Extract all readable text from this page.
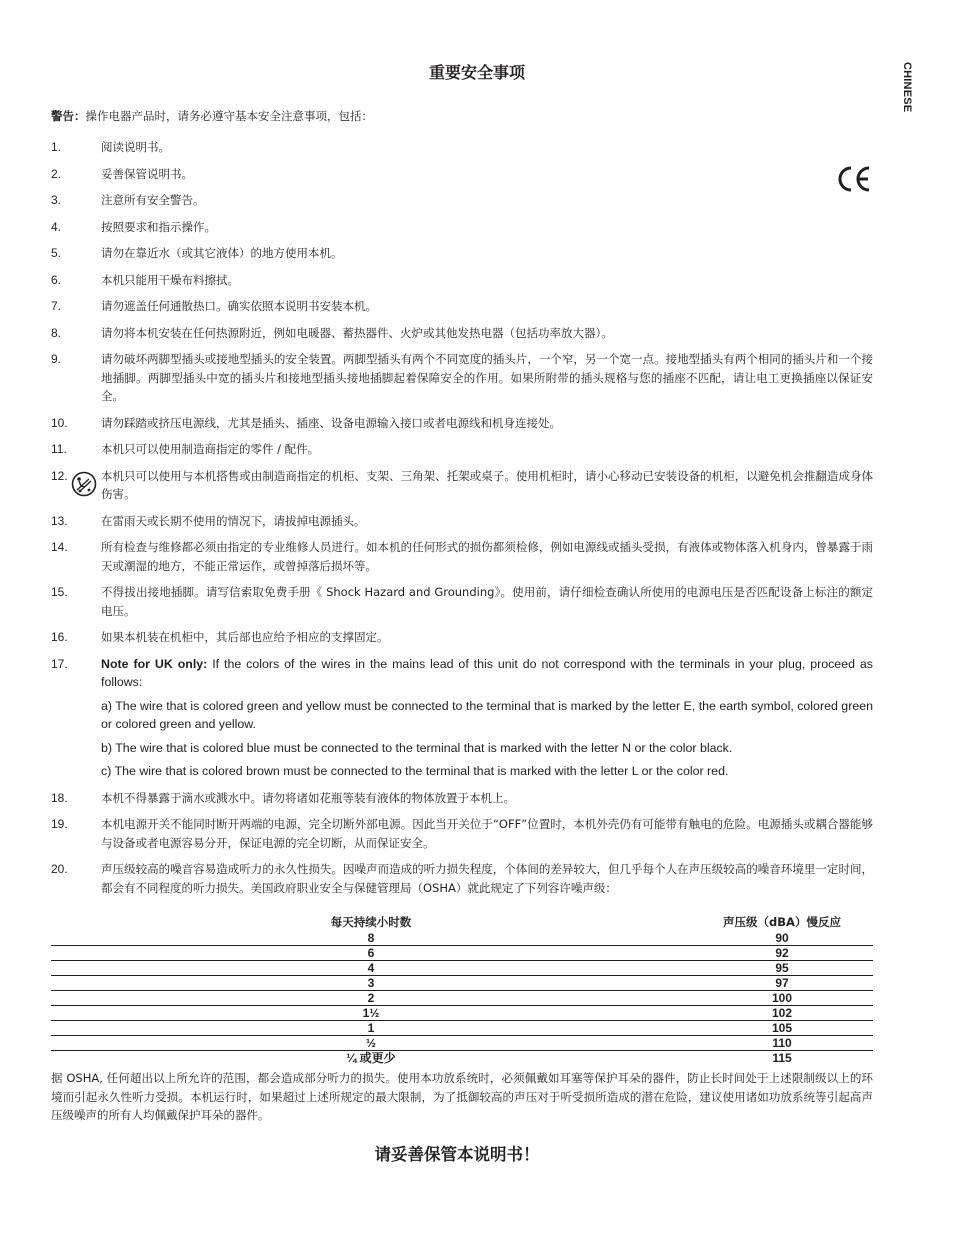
CHINESE
重要安全事项
警告：操作电器产品时，请务必遵守基本安全注意事项，包括：
1.	阅读说明书。
2.	妥善保管说明书。
3.	注意所有安全警告。
4.	按照要求和指示操作。
5.	请勿在靠近水（或其它液体）的地方使用本机。
6.	本机只能用干燥布料擦拭。
7.	请勿遮盖任何通散热口。确实依照本说明书安装本机。
8.	请勿将本机安装在任何热源附近，例如电暖器、蓄热器件、火炉或其他发热电器（包括功率放大器）。
9.	请勿破坏两脚型插头或接地型插头的安全装置。两脚型插头有两个不同宽度的插头片，一个窄，另一个宽一点。接地型插头有两个相同的插头片和一个接地插脚。两脚型插头中宽的插头片和接地型插头接地插脚起着保障安全的作用。如果所附带的插头规格与您的插座不匹配，请让电工更换插座以保证安全。
10.	请勿踩踏或挤压电源线，尤其是插头、插座、设备电源输入接口或者电源线和机身连接处。
11.	本机只可以使用制造商指定的零件 / 配件。
12.	本机只可以使用与本机搭售或由制造商指定的机柜、支架、三角架、托架或桌子。使用机柜时，请小心移动已安装设备的机柜，以避免机会推翻造成身体伤害。
13.	在雷雨天或长期不使用的情况下，请拔掉电源插头。
14.	所有检查与维修都必须由指定的专业维修人员进行。如本机的任何形式的损伤都须检修，例如电源线或插头受损，有液体或物体落入机身内，曾暴露于雨天或潮湿的地方，不能正常运作，或曾掉落后损坏等。
15.	不得拔出接地插脚。请写信索取免费手册《 Shock Hazard and Grounding》。使用前，请仔细检查确认所使用的电源电压是否匹配设备上标注的额定电压。
16.	如果本机装在机柜中，其后部也应给予相应的支撑固定。
17.	Note for UK only: If the colors of the wires in the mains lead of this unit do not correspond with the terminals in your plug, proceed as follows:
a) The wire that is colored green and yellow must be connected to the terminal that is marked by the letter E, the earth symbol, colored green or colored green and yellow.
b) The wire that is colored blue must be connected to the terminal that is marked with the letter N or the color black.
c) The wire that is colored brown must be connected to the terminal that is marked with the letter L or the color red.
18.	本机不得暴露于滴水或溅水中。请勿将诸如花瓶等装有液体的物体放置于本机上。
19.	本机电源开关不能同时断开两端的电源，完全切断外部电源。因此当开关位于“OFF”位置时，本机外壳仍有可能带有触电的危险。电源插头或耦合器能够与设备或者电源容易分开，保证电源的完全切断，从而保证安全。
20.	声压级较高的噪音容易造成听力的永久性损失。因噪声而造成的听力损失程度，个体间的差异较大，但几乎每个人在声压级较高的噪音环境里一定时间，都会有不同程度的听力损失。美国政府职业安全与保健管理局（OSHA）就此规定了下列容许噪声级：
每天持续小时数	声压级（dBA）慢反应
8	90
6	92
4	95
3	97
2	100
1½	102
1	105
½	110
¼ 或更少	115
据 OSHA, 任何超出以上所允许的范围，都会造成部分听力的损失。使用本功放系统时，必须佩戴如耳塞等保护耳朵的器件，防止长时间处于上述限制级以上的环境而引起永久性听力受损。本机运行时，如果超过上述所规定的最大限制，为了抵御较高的声压对于听受损所造成的潜在危险，建议使用诸如功放系统等引起高声压级噪声的所有人均佩戴保护耳朵的器件。
请妥善保管本说明书！
